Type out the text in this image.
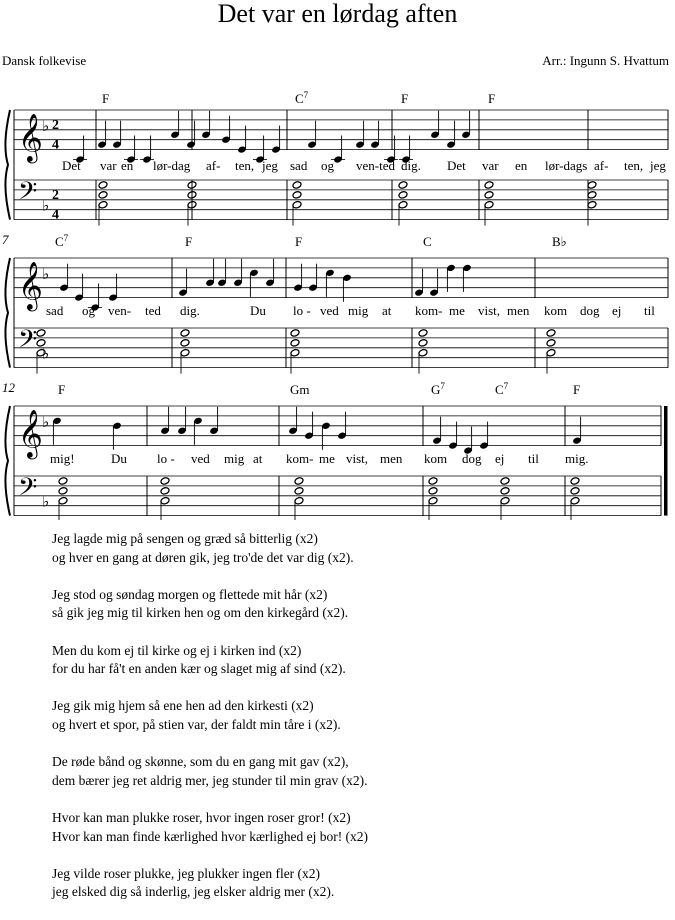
Det var en lørdag aften
Dansk folkevise	Arr.: Ingunn S. Hvattum
𝄞
𝄢
♭
♭
2
4
2
4
F	$C^7$	F	F
Det var en lør-dag af- ten, jeg sad og ven-ted dig. Det var en lør-dags af- ten, jeg
𝄞
𝄢
♭
♭
7	$C^7$	F	F	C	B♭
sad og ven- ted dig.	Du lo - ved mig at kom- me vist, men kom dog ej til
𝄞
𝄢
♭
♭
12	F	Gm	$G^7$	$C^7$	F
mig!	Du lo - ved mig at kom- me vist, men kom dog ej til mig.
Jeg lagde mig på sengen og græd så bitterlig (x2)
og hver en gang at døren gik, jeg tro'de det var dig (x2).
Jeg stod og søndag morgen og flettede mit hår (x2)
så gik jeg mig til kirken hen og om den kirkegård (x2).
Men du kom ej til kirke og ej i kirken ind (x2)
for du har få't en anden kær og slaget mig af sind (x2).
Jeg gik mig hjem så ene hen ad den kirkesti (x2)
og hvert et spor, på stien var, der faldt min tåre i (x2).
De røde bånd og skønne, som du en gang mit gav (x2),
dem bærer jeg ret aldrig mer, jeg stunder til min grav (x2).
Hvor kan man plukke roser, hvor ingen roser gror! (x2)
Hvor kan man finde kærlighed hvor kærlighed ej bor! (x2)
Jeg vilde roser plukke, jeg plukker ingen fler (x2)
jeg elsked dig så inderlig, jeg elsker aldrig mer (x2).
